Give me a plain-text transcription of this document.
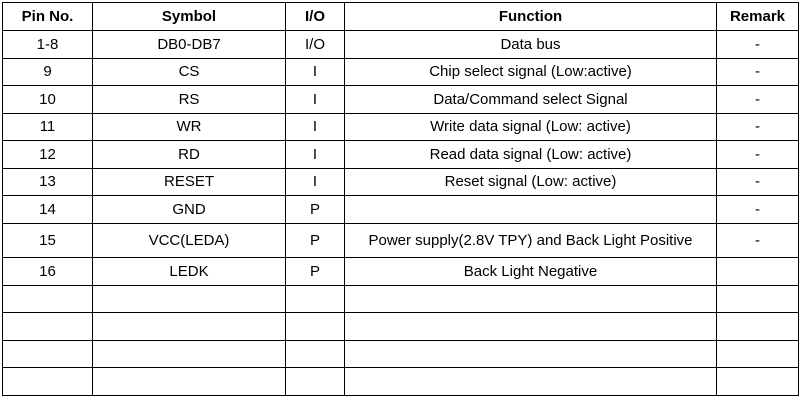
Pin No.	Symbol	I/O	Function	Remark
1-8	DB0-DB7	I/O	Data bus	-
9	CS	I	Chip select signal (Low:active)	-
10	RS	I	Data/Command select Signal	-
11	WR	I	Write data signal (Low: active)	-
12	RD	I	Read data signal (Low: active)	-
13	RESET	I	Reset signal (Low: active)	-
14	GND	P		-
15	VCC(LEDA)	P	Power supply(2.8V TPY) and Back Light Positive	-
16	LEDK	P	Back Light Negative	
